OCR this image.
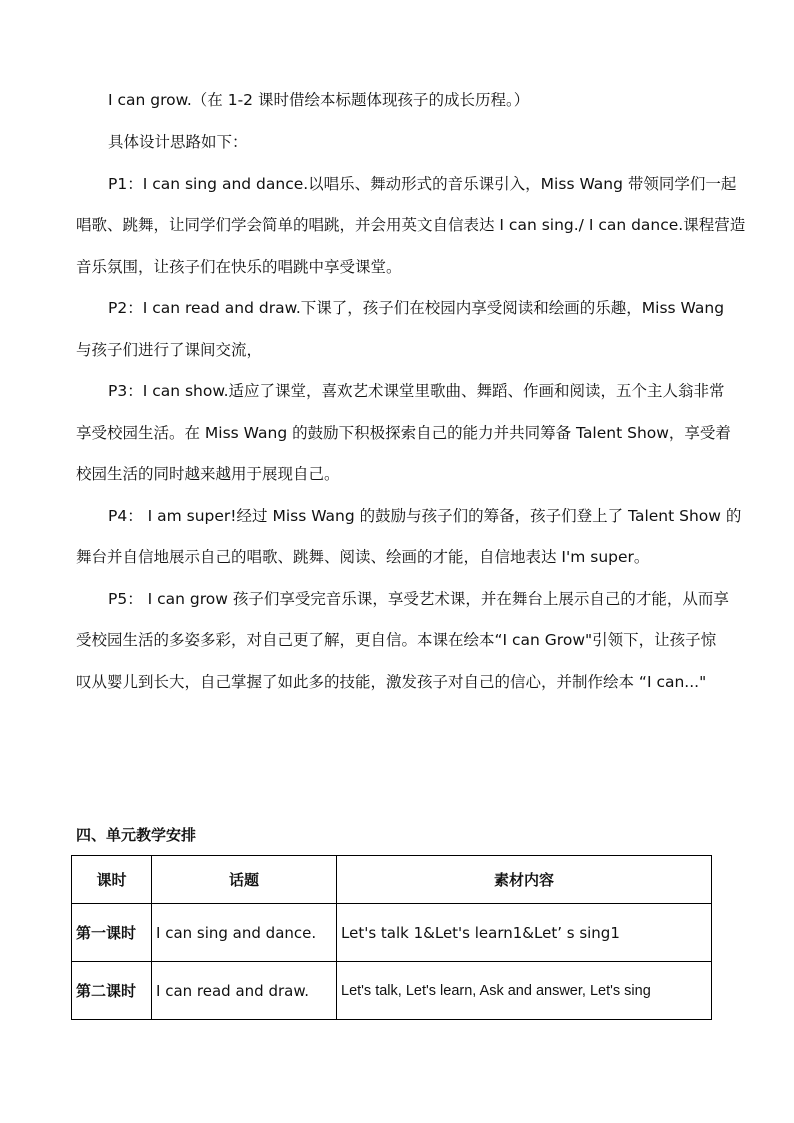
I can grow.（在 1-2 课时借绘本标题体现孩子的成长历程。）
具体设计思路如下：
P1：I can sing and dance.以唱乐、舞动形式的音乐课引入，Miss Wang 带领同学们一起
唱歌、跳舞，让同学们学会简单的唱跳，并会用英文自信表达 I can sing./ I can dance.课程营造
音乐氛围，让孩子们在快乐的唱跳中享受课堂。
P2：I can read and draw.下课了，孩子们在校园内享受阅读和绘画的乐趣，Miss Wang
与孩子们进行了课间交流，
P3：I can show.适应了课堂，喜欢艺术课堂里歌曲、舞蹈、作画和阅读，五个主人翁非常
享受校园生活。在 Miss Wang 的鼓励下积极探索自己的能力并共同筹备 Talent Show，享受着
校园生活的同时越来越用于展现自己。
P4： I am super!经过 Miss Wang 的鼓励与孩子们的筹备，孩子们登上了 Talent Show 的
舞台并自信地展示自己的唱歌、跳舞、阅读、绘画的才能，自信地表达 I'm super。
P5： I can grow 孩子们享受完音乐课，享受艺术课，并在舞台上展示自己的才能，从而享
受校园生活的多姿多彩，对自己更了解，更自信。本课在绘本“I can Grow"引领下，让孩子惊
叹从婴儿到长大，自己掌握了如此多的技能，激发孩子对自己的信心，并制作绘本 “I can..."
四、单元教学安排
课时	话题	素材内容
第一课时	I can sing and dance.	Let's talk 1&Let's learn1&Let’ s sing1
第二课时	I can read and draw.	Let's talk, Let's learn, Ask and answer, Let's sing
